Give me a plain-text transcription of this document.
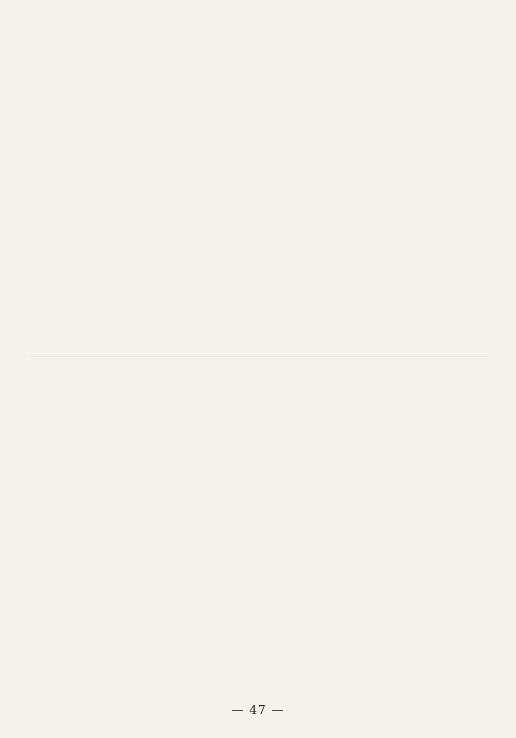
— 47 —
